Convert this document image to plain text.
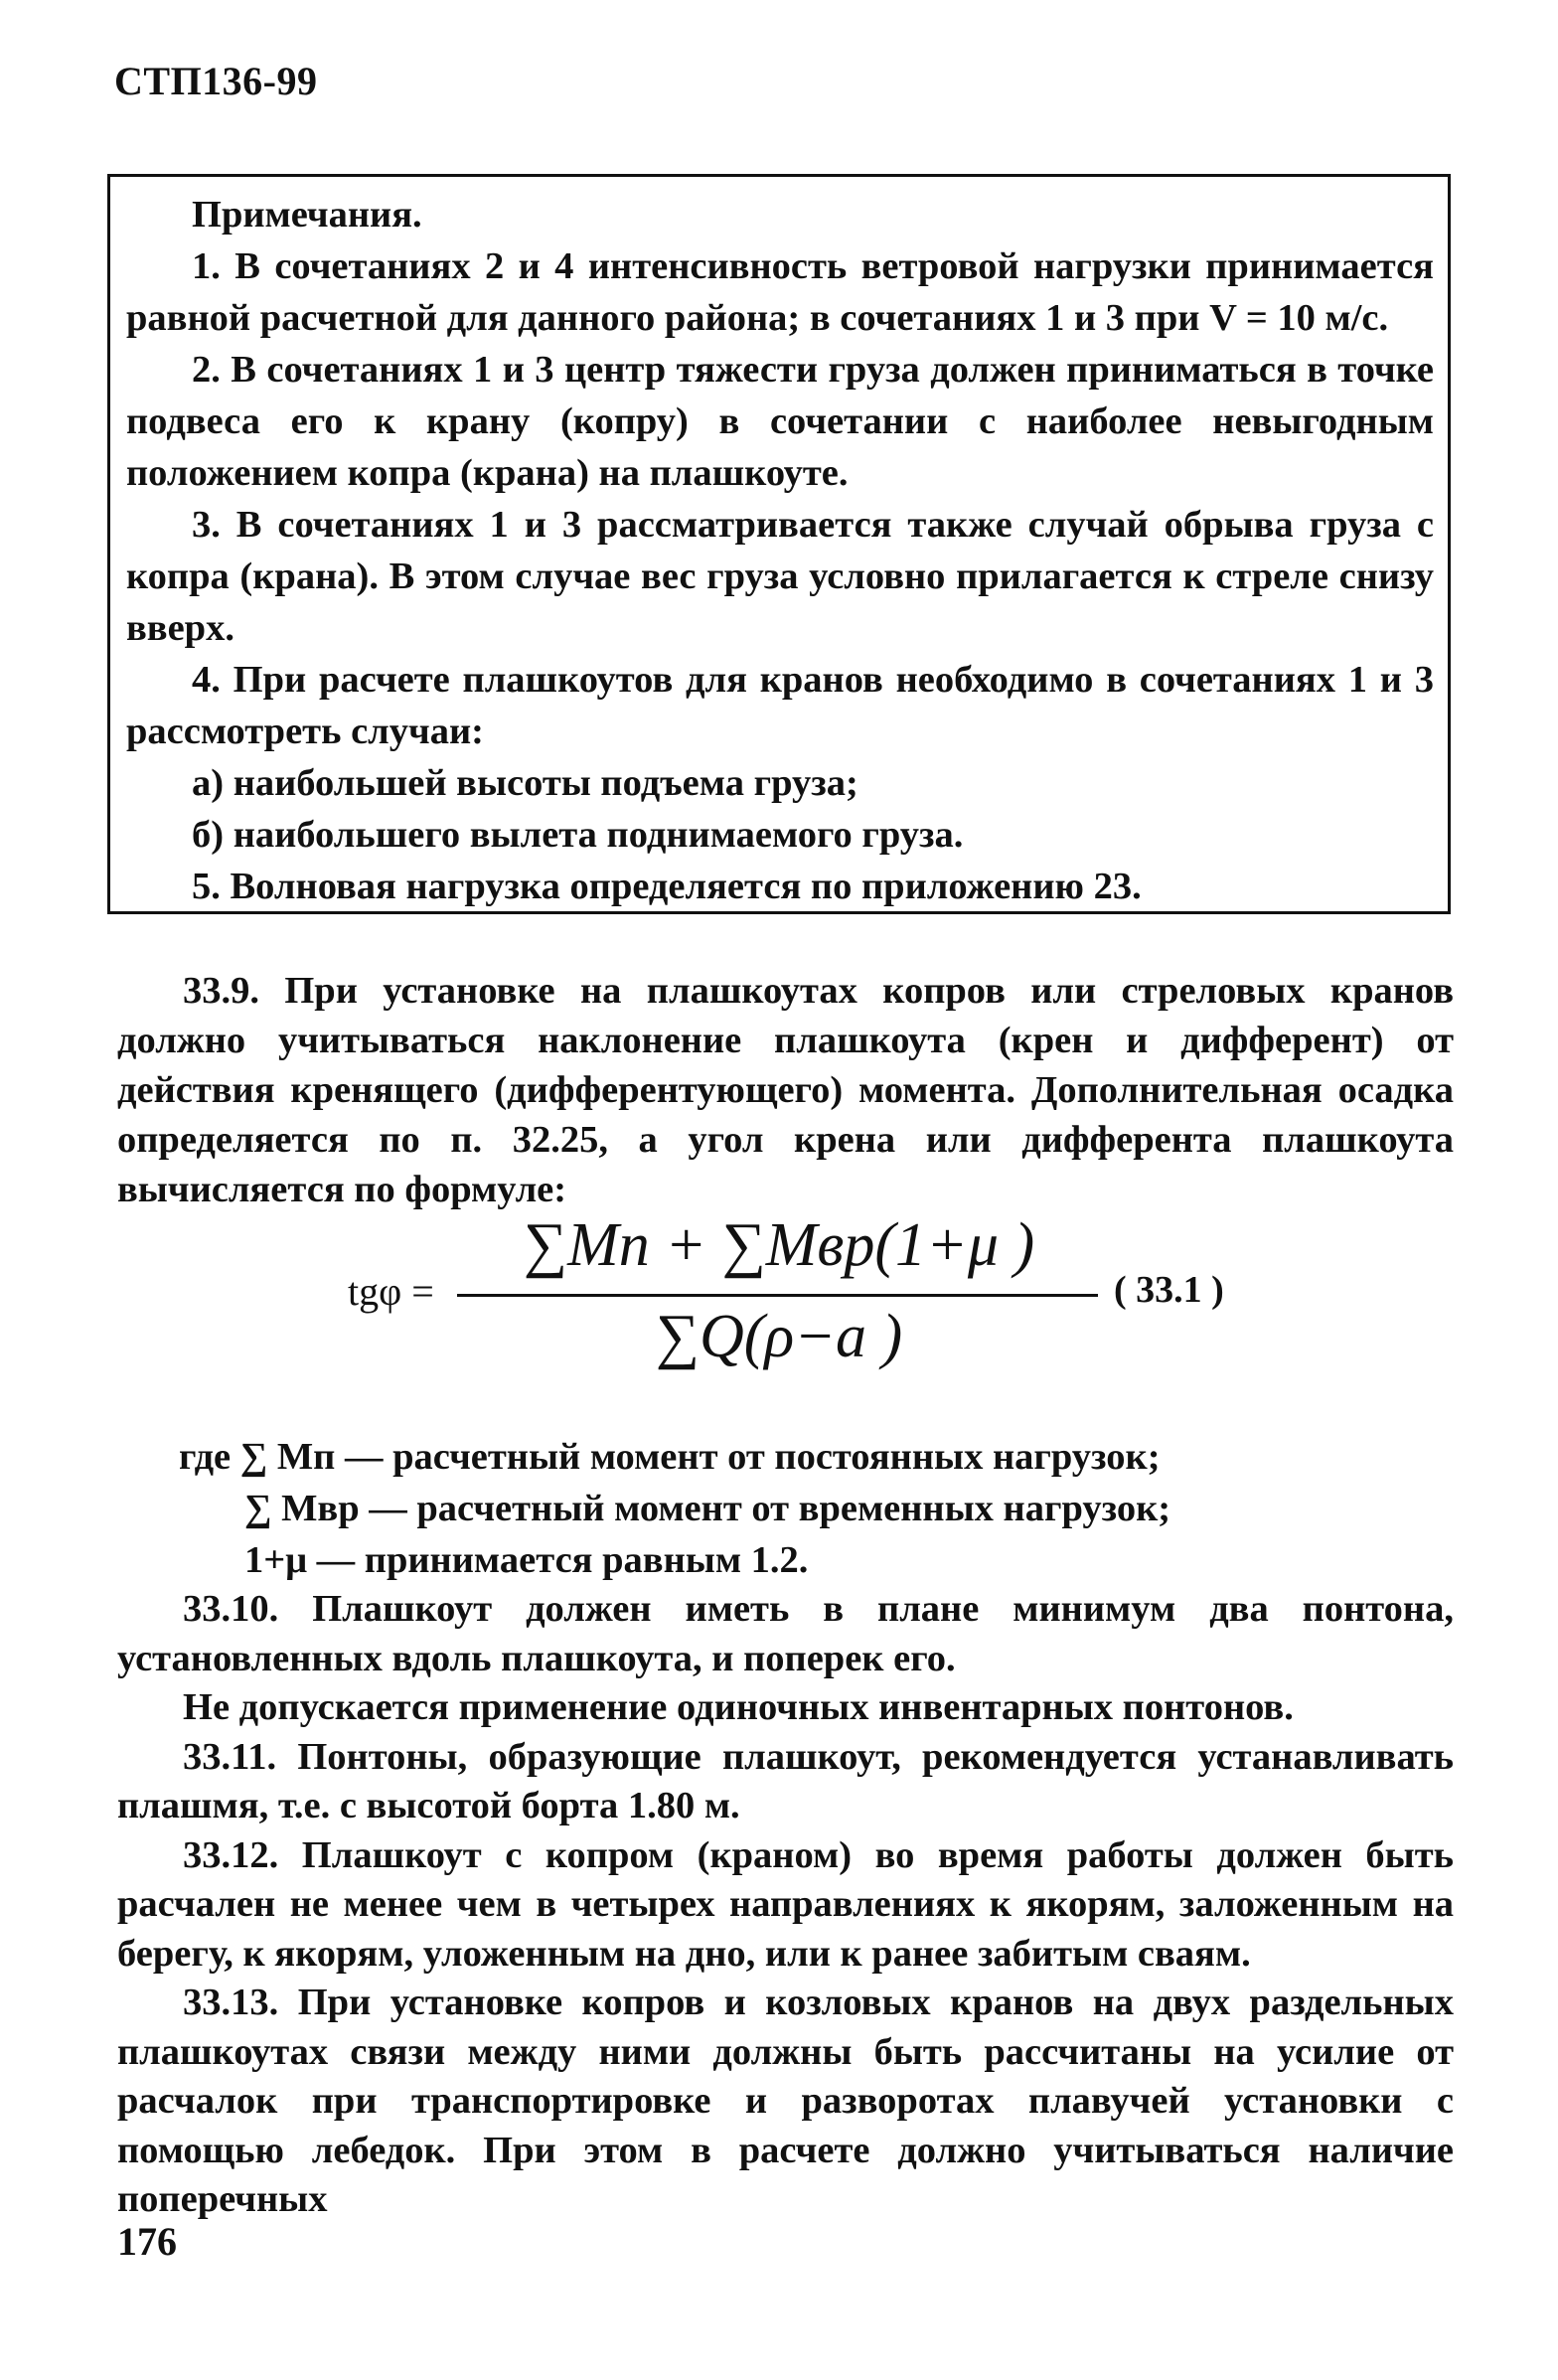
СТП136-99

Примечания.

1. В сочетаниях 2 и 4 интенсивность ветровой нагрузки принимается равной расчетной для данного района; в сочетаниях 1 и 3 при V = 10 м/с.

2. В сочетаниях 1 и 3 центр тяжести груза должен приниматься в точке подвеса его к крану (копру) в сочетании с наиболее невыгодным положением копра (крана) на плашкоуте.

3. В сочетаниях 1 и 3 рассматривается также случай обрыва груза с копра (крана). В этом случае вес груза условно прилагается к стреле снизу вверх.

4. При расчете плашкоутов для кранов необходимо в сочетаниях 1 и 3 рассмотреть случаи:

а) наибольшей высоты подъема груза;

б) наибольшего вылета поднимаемого груза.

5. Волновая нагрузка определяется по приложению 23.

33.9. При установке на плашкоутах копров или стреловых кранов должно учитываться наклонение плашкоута (крен и дифферент) от действия кренящего (дифферентующего) момента. Дополнительная осадка определяется по п. 32.25, а угол крена или дифферента плашкоута вычисляется по формуле:

tgφ =
∑Mп + ∑Mвр(1+μ )
∑Q(ρ−a )
( 33.1 )

где ∑ Mп — расчетный момент от постоянных нагрузок;

∑ Mвр — расчетный момент от временных нагрузок;

1+μ — принимается равным 1.2.

33.10. Плашкоут должен иметь в плане минимум два понтона, установленных вдоль плашкоута, и поперек его.

Не допускается применение одиночных инвентарных понтонов.

33.11. Понтоны, образующие плашкоут, рекомендуется устанавливать плашмя, т.е. с высотой борта 1.80 м.

33.12. Плашкоут с копром (краном) во время работы должен быть расчален не менее чем в четырех направлениях к якорям, заложенным на берегу, к якорям, уложенным на дно, или к ранее забитым сваям.

33.13. При установке копров и козловых кранов на двух раздельных плашкоутах связи между ними должны быть рассчитаны на усилие от расчалок при транспортировке и разворотах плавучей установки с помощью лебедок. При этом в расчете должно учитываться наличие поперечных

176
